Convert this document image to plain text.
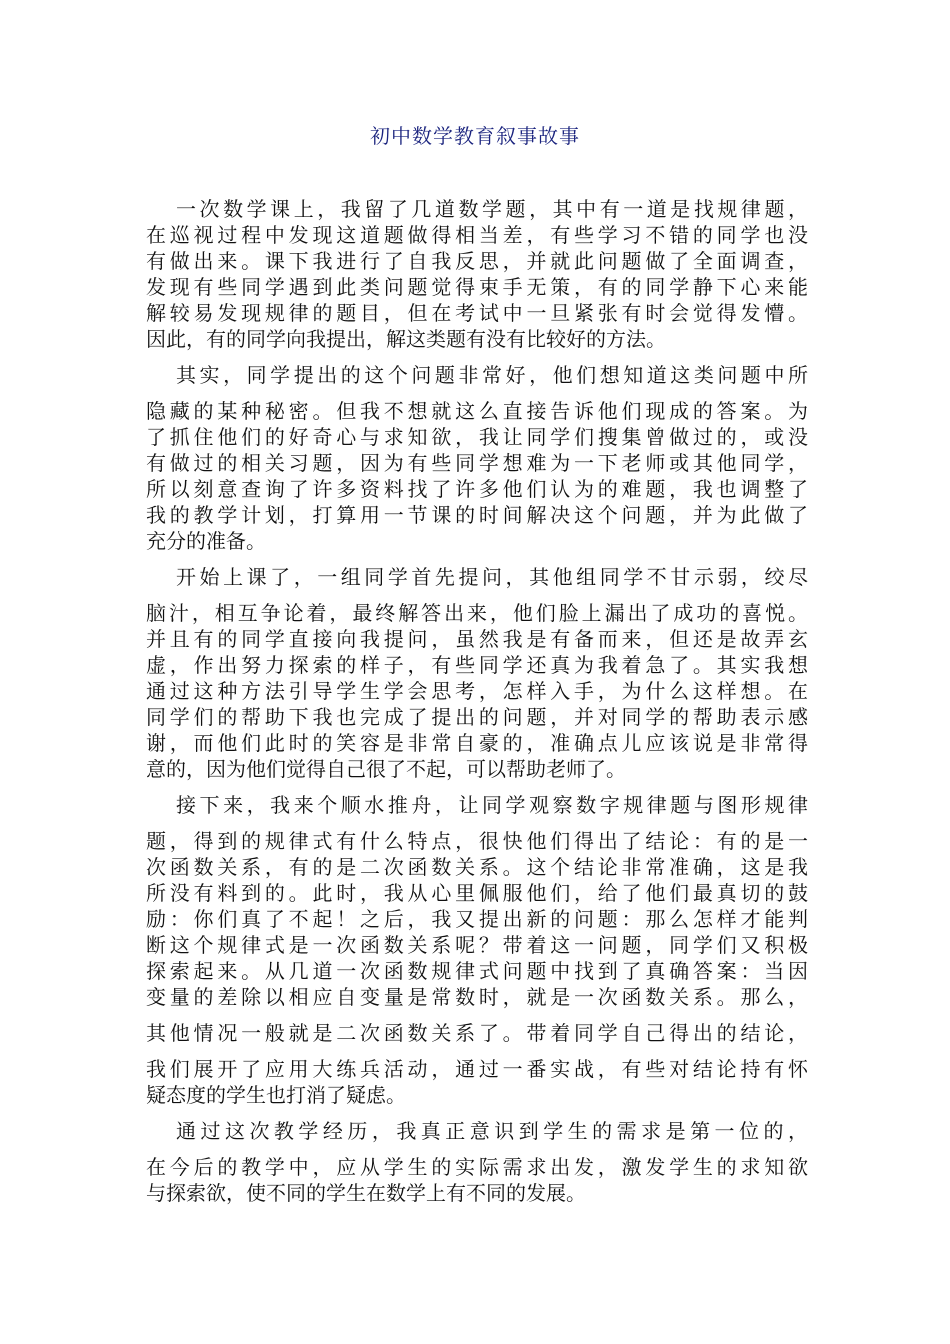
初中数学教育叙事故事
一次数学课上，我留了几道数学题，其中有一道是找规律题，
在巡视过程中发现这道题做得相当差，有些学习不错的同学也没
有做出来。课下我进行了自我反思，并就此问题做了全面调查，
发现有些同学遇到此类问题觉得束手无策，有的同学静下心来能
解较易发现规律的题目，但在考试中一旦紧张有时会觉得发懵。
因此，有的同学向我提出，解这类题有没有比较好的方法。
其实，同学提出的这个问题非常好，他们想知道这类问题中所
隐藏的某种秘密。但我不想就这么直接告诉他们现成的答案。为
了抓住他们的好奇心与求知欲，我让同学们搜集曾做过的，或没
有做过的相关习题，因为有些同学想难为一下老师或其他同学，
所以刻意查询了许多资料找了许多他们认为的难题，我也调整了
我的教学计划，打算用一节课的时间解决这个问题，并为此做了
充分的准备。
开始上课了，一组同学首先提问，其他组同学不甘示弱，绞尽
脑汁，相互争论着，最终解答出来，他们脸上漏出了成功的喜悦。
并且有的同学直接向我提问，虽然我是有备而来，但还是故弄玄
虚，作出努力探索的样子，有些同学还真为我着急了。其实我想
通过这种方法引导学生学会思考，怎样入手，为什么这样想。在
同学们的帮助下我也完成了提出的问题，并对同学的帮助表示感
谢，而他们此时的笑容是非常自豪的，准确点儿应该说是非常得
意的，因为他们觉得自己很了不起，可以帮助老师了。
接下来，我来个顺水推舟，让同学观察数字规律题与图形规律
题，得到的规律式有什么特点，很快他们得出了结论：有的是一
次函数关系，有的是二次函数关系。这个结论非常准确，这是我
所没有料到的。此时，我从心里佩服他们，给了他们最真切的鼓
励：你们真了不起！之后，我又提出新的问题：那么怎样才能判
断这个规律式是一次函数关系呢？带着这一问题，同学们又积极
探索起来。从几道一次函数规律式问题中找到了真确答案：当因
变量的差除以相应自变量是常数时，就是一次函数关系。那么，
其他情况一般就是二次函数关系了。带着同学自己得出的结论，
我们展开了应用大练兵活动，通过一番实战，有些对结论持有怀
疑态度的学生也打消了疑虑。
通过这次教学经历，我真正意识到学生的需求是第一位的，
在今后的教学中，应从学生的实际需求出发，激发学生的求知欲
与探索欲，使不同的学生在数学上有不同的发展。
